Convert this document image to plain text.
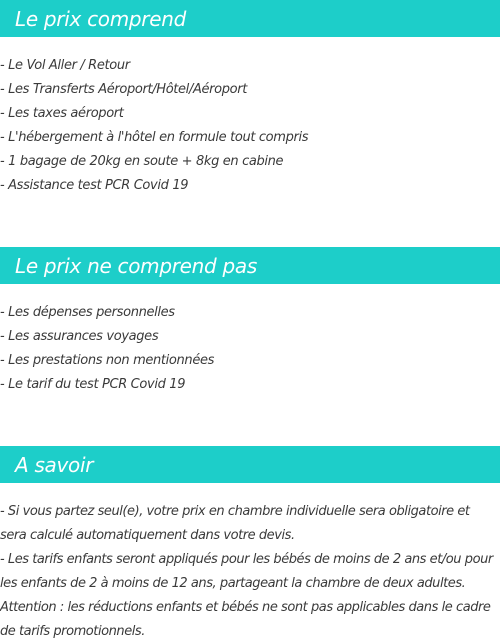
Le prix comprend
- Le Vol Aller / Retour
- Les Transferts Aéroport/Hôtel/Aéroport
- Les taxes aéroport
- L'hébergement à l'hôtel en formule tout compris
- 1 bagage de 20kg en soute + 8kg en cabine
- Assistance test PCR Covid 19
Le prix ne comprend pas
- Les dépenses personnelles
- Les assurances voyages
- Les prestations non mentionnées
- Le tarif du test PCR Covid 19
A savoir
- Si vous partez seul(e), votre prix en chambre individuelle sera obligatoire et
sera calculé automatiquement dans votre devis.
- Les tarifs enfants seront appliqués pour les bébés de moins de 2 ans et/ou pour
les enfants de 2 à moins de 12 ans, partageant la chambre de deux adultes.
Attention : les réductions enfants et bébés ne sont pas applicables dans le cadre
de tarifs promotionnels.
